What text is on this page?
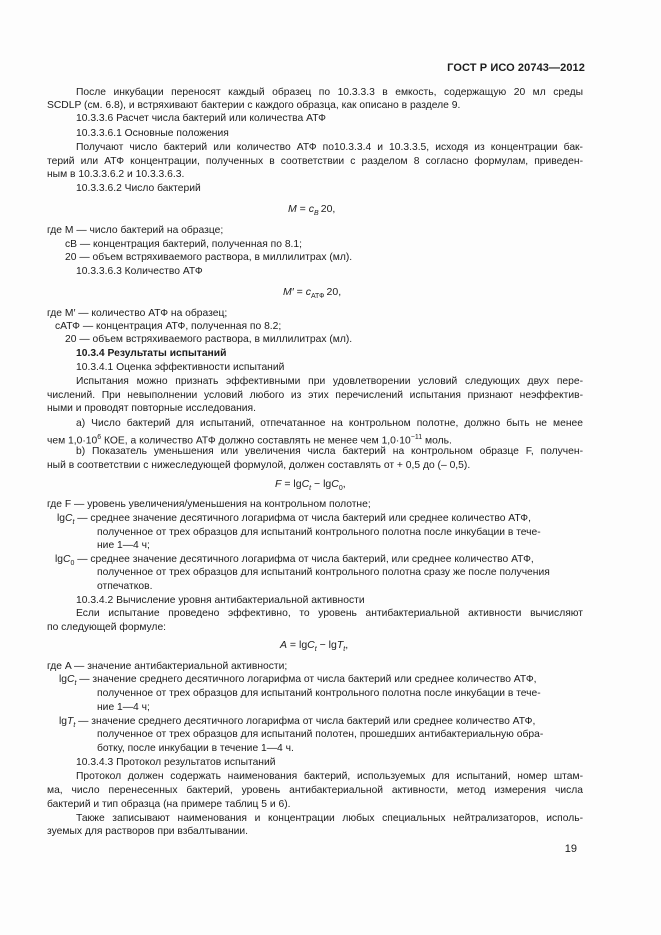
ГОСТ Р ИСО 20743—2012
После инкубации переносят каждый образец по 10.3.3.3 в емкость, содержащую 20 мл среды
SCDLP (см. 6.8), и встряхивают бактерии с каждого образца, как описано в разделе 9.
10.3.3.6 Расчет числа бактерий или количества АТФ
10.3.3.6.1 Основные положения
Получают число бактерий или количество АТФ по10.3.3.4 и 10.3.3.5, исходя из концентрации бак-
терий или АТФ концентрации, полученных в соответствии с разделом 8 согласно формулам, приведен-
ным в 10.3.3.6.2 и 10.3.3.6.3.
10.3.3.6.2 Число бактерий
$M = c_B$ 20,
где M — число бактерий на образце;
cB — концентрация бактерий, полученная по 8.1;
20 — объем встряхиваемого раствора, в миллилитрах (мл).
10.3.3.6.3 Количество АТФ
$M' = c_{АТФ}$ 20,
где M′ — количество АТФ на образец;
cАТФ — концентрация АТФ, полученная по 8.2;
20 — объем встряхиваемого раствора, в миллилитрах (мл).
10.3.4 Результаты испытаний
10.3.4.1 Оценка эффективности испытаний
Испытания можно признать эффективными при удовлетворении условий следующих двух пере-
числений. При невыполнении условий любого из этих перечислений испытания признают неэффектив-
ными и проводят повторные исследования.
a) Число бактерий для испытаний, отпечатанное на контрольном полотне, должно быть не менее
чем $1,0\cdot 10^6$ КОЕ, а количество АТФ должно составлять не менее чем $1,0\cdot 10^{-11}$ моль.
b) Показатель уменьшения или увеличения числа бактерий на контрольном образце F, получен-
ный в соответствии с нижеследующей формулой, должен составлять от + 0,5 до (– 0,5).
F = lgC$_t$ − lgC$_0$,
где F — уровень увеличения/уменьшения на контрольном полотне;
lgC$_t$ — среднее значение десятичного логарифма от числа бактерий или среднее количество АТФ,
полученное от трех образцов для испытаний контрольного полотна после инкубации в тече-
ние 1—4 ч;
lgC$_0$ — среднее значение десятичного логарифма от числа бактерий, или среднее количество АТФ,
полученное от трех образцов для испытаний контрольного полотна сразу же после получения
отпечатков.
10.3.4.2 Вычисление уровня антибактериальной активности
Если испытание проведено эффективно, то уровень антибактериальной активности вычисляют
по следующей формуле:
A = lgC$_t$ − lgT$_t$,
где A — значение антибактериальной активности;
lgC$_t$ — значение среднего десятичного логарифма от числа бактерий или среднее количество АТФ,
полученное от трех образцов для испытаний контрольного полотна после инкубации в тече-
ние 1—4 ч;
lgT$_t$ — значение среднего десятичного логарифма от числа бактерий или среднее количество АТФ,
полученное от трех образцов для испытаний полотен, прошедших антибактериальную обра-
ботку, после инкубации в течение 1—4 ч.
10.3.4.3 Протокол результатов испытаний
Протокол должен содержать наименования бактерий, используемых для испытаний, номер штам-
ма, число перенесенных бактерий, уровень антибактериальной активности, метод измерения числа
бактерий и тип образца (на примере таблиц 5 и 6).
Также записывают наименования и концентрации любых специальных нейтрализаторов, исполь-
зуемых для растворов при взбалтывании.
19
